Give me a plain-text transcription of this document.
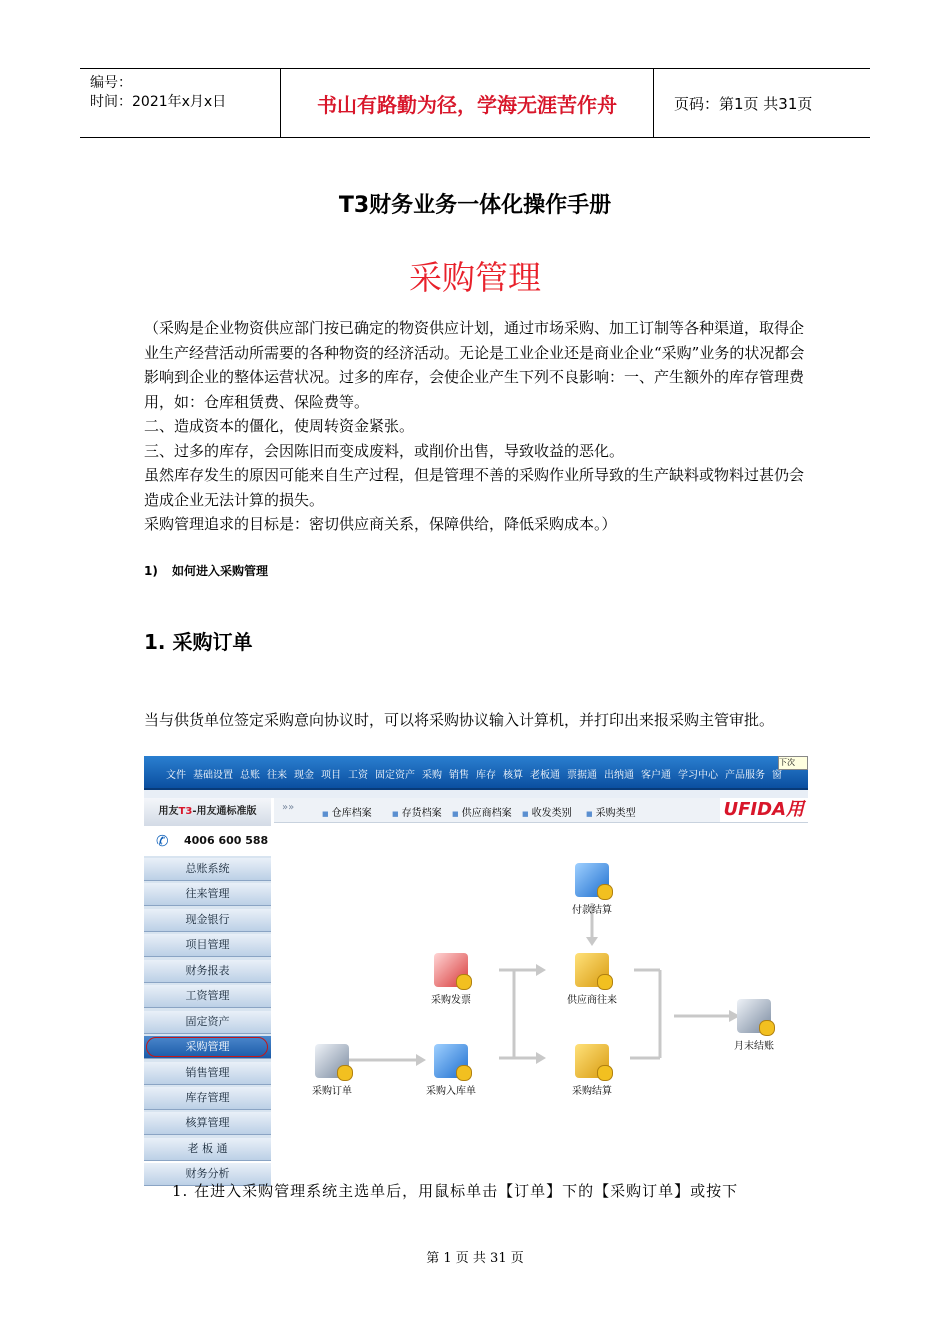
编号：
时间：2021年x月x日	书山有路勤为径，学海无涯苦作舟	页码：第1页 共31页
T3财务业务一体化操作手册
采购管理
（采购是企业物资供应部门按已确定的物资供应计划，通过市场采购、加工订制等各种渠道，取得企业生产经营活动所需要的各种物资的经济活动。无论是工业企业还是商业企业“采购”业务的状况都会影响到企业的整体运营状况。过多的库存，会使企业产生下列不良影响：一、产生额外的库存管理费用，如：仓库租赁费、保险费等。
二、造成资本的僵化，使周转资金紧张。
三、过多的库存，会因陈旧而变成废料，或削价出售，导致收益的恶化。
虽然库存发生的原因可能来自生产过程，但是管理不善的采购作业所导致的生产缺料或物料过甚仍会造成企业无法计算的损失。
采购管理追求的目标是：密切供应商关系，保障供给，降低采购成本。）
1) 如何进入采购管理
1. 采购订单
当与供货单位签定采购意向协议时，可以将采购协议输入计算机，并打印出来报采购主管审批。
文件 基础设置 总账 往来 现金 项目 工资 固定资产 采购 销售 库存 核算 老板通 票据通 出纳通 客户通 学习中心 产品服务 窗
下次
用友T3-用友通标准版
✆ 4006 600 588
总账系统
往来管理
现金银行
项目管理
财务报表
工资管理
固定资产
采购管理
销售管理
库存管理
核算管理
老 板 通
财务分析
»»
■ 仓库档案	■ 存货档案	■ 供应商档案	■ 收发类别	■ 采购类型	UFIDA用
付款结算
采购发票	供应商往来
月末结账
采购订单	采购入库单	采购结算
1. 在进入采购管理系统主选单后，用鼠标单击【订单】下的【采购订单】或按下
第 1 页 共 31 页
